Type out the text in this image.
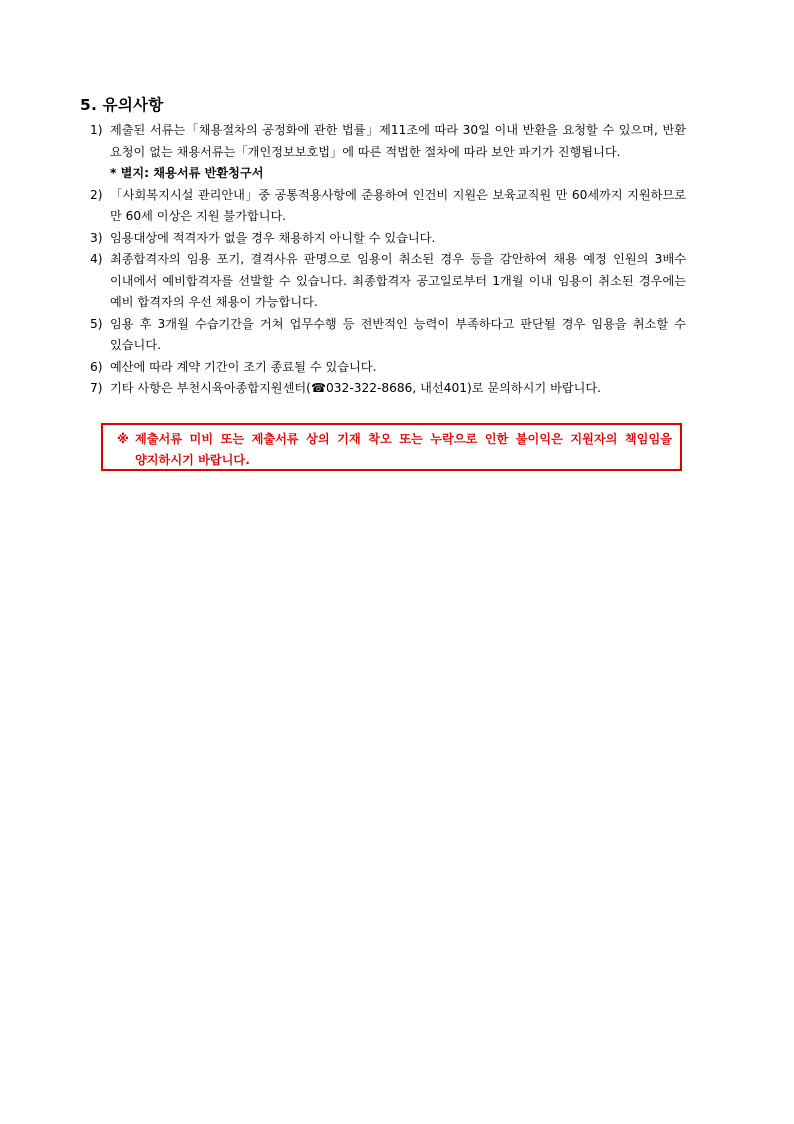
5. 유의사항
1) 제출된 서류는「채용절차의 공정화에 관한 법률」제11조에 따라 30일 이내 반환을 요청할 수 있으며, 반환 요청이 없는 채용서류는「개인정보보호법」에 따른 적법한 절차에 따라 보안 파기가 진행됩니다.
* 별지: 채용서류 반환청구서
2) 「사회복지시설 관리안내」중 공통적용사항에 준용하여 인건비 지원은 보육교직원 만 60세까지 지원하므로 만 60세 이상은 지원 불가합니다.
3) 임용대상에 적격자가 없을 경우 채용하지 아니할 수 있습니다.
4) 최종합격자의 임용 포기, 결격사유 판명으로 임용이 취소된 경우 등을 감안하여 채용 예정 인원의 3배수 이내에서 예비합격자를 선발할 수 있습니다. 최종합격자 공고일로부터 1개월 이내 임용이 취소된 경우에는 예비 합격자의 우선 채용이 가능합니다.
5) 임용 후 3개월 수습기간을 거쳐 업무수행 등 전반적인 능력이 부족하다고 판단될 경우 임용을 취소할 수 있습니다.
6) 예산에 따라 계약 기간이 조기 종료될 수 있습니다.
7) 기타 사항은 부천시육아종합지원센터(☎032-322-8686, 내선401)로 문의하시기 바랍니다.
※ 제출서류 미비 또는 제출서류 상의 기재 착오 또는 누락으로 인한 불이익은 지원자의 책임임을 양지하시기 바랍니다.
